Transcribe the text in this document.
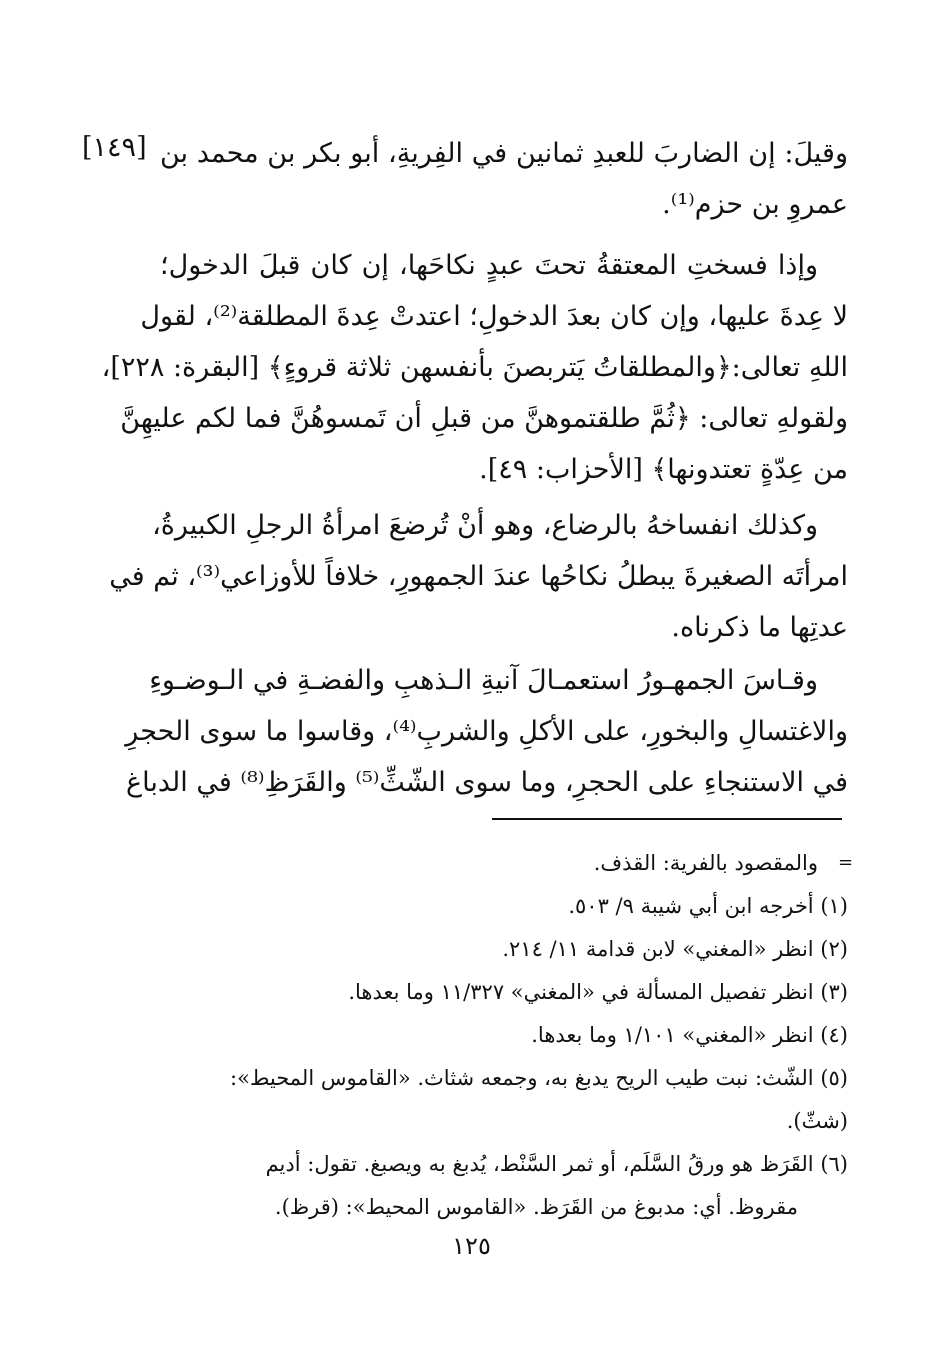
[١٤٩] وقيلَ: إن الضاربَ للعبدِ ثمانين في الفِريةِ، أبو بكر بن محمد بن
عمروِ بن حزم⁽¹⁾.
وإذا فسختِ المعتقةُ تحتَ عبدٍ نكاحَها، إن كان قبلَ الدخول؛
لا عِدةَ عليها، وإن كان بعدَ الدخولِ؛ اعتدتْ عِدةَ المطلقة⁽²⁾، لقول
اللهِ تعالى:﴿والمطلقاتُ يَتربصنَ بأنفسهن ثلاثة قروءٍ﴾ [البقرة: ٢٢٨]،
ولقولهِ تعالى: ﴿ثُمَّ طلقتموهنَّ من قبلِ أن تَمسوهُنَّ فما لكم عليهِنَّ
من عِدّةٍ تعتدونها﴾ [الأحزاب: ٤٩].
وكذلك انفساخهُ بالرضاع، وهو أنْ تُرضعَ امرأةُ الرجلِ الكبيرةُ،
امرأتَه الصغيرةَ يبطلُ نكاحُها عندَ الجمهورِ، خلافاً للأوزاعي⁽³⁾، ثم في
عدتِها ما ذكرناه.
وقـاسَ الجمهـورُ استعمـالَ آنيةِ الـذهبِ والفضـةِ في الـوضـوءِ
والاغتسالِ والبخورِ، على الأكلِ والشربِ⁽⁴⁾، وقاسوا ما سوى الحجرِ
في الاستنجاءِ على الحجرِ، وما سوى الشّثِّ⁽⁵⁾ والقَرَظِ⁽⁸⁾ في الدباغ
=
والمقصود بالفرية: القذف.
(١) أخرجه ابن أبي شيبة ٩/ ٥٠٣.
(٢) انظر «المغني» لابن قدامة ١١/ ٢١٤.
(٣) انظر تفصيل المسألة في «المغني» ١١/٣٢٧ وما بعدها.
(٤) انظر «المغني» ١/١٠١ وما بعدها.
(٥) الشّث: نبت طيب الريح يدبغ به، وجمعه شثاث. «القاموس المحيط»:
(شثّ).
(٦) القَرَظ هو ورقُ السَّلَم، أو ثمر السَّنْط، يُدبغ به ويصبغ. تقول: أديم
مقروظ. أي: مدبوغ من القَرَظ. «القاموس المحيط»: (قرظ).
١٢٥
